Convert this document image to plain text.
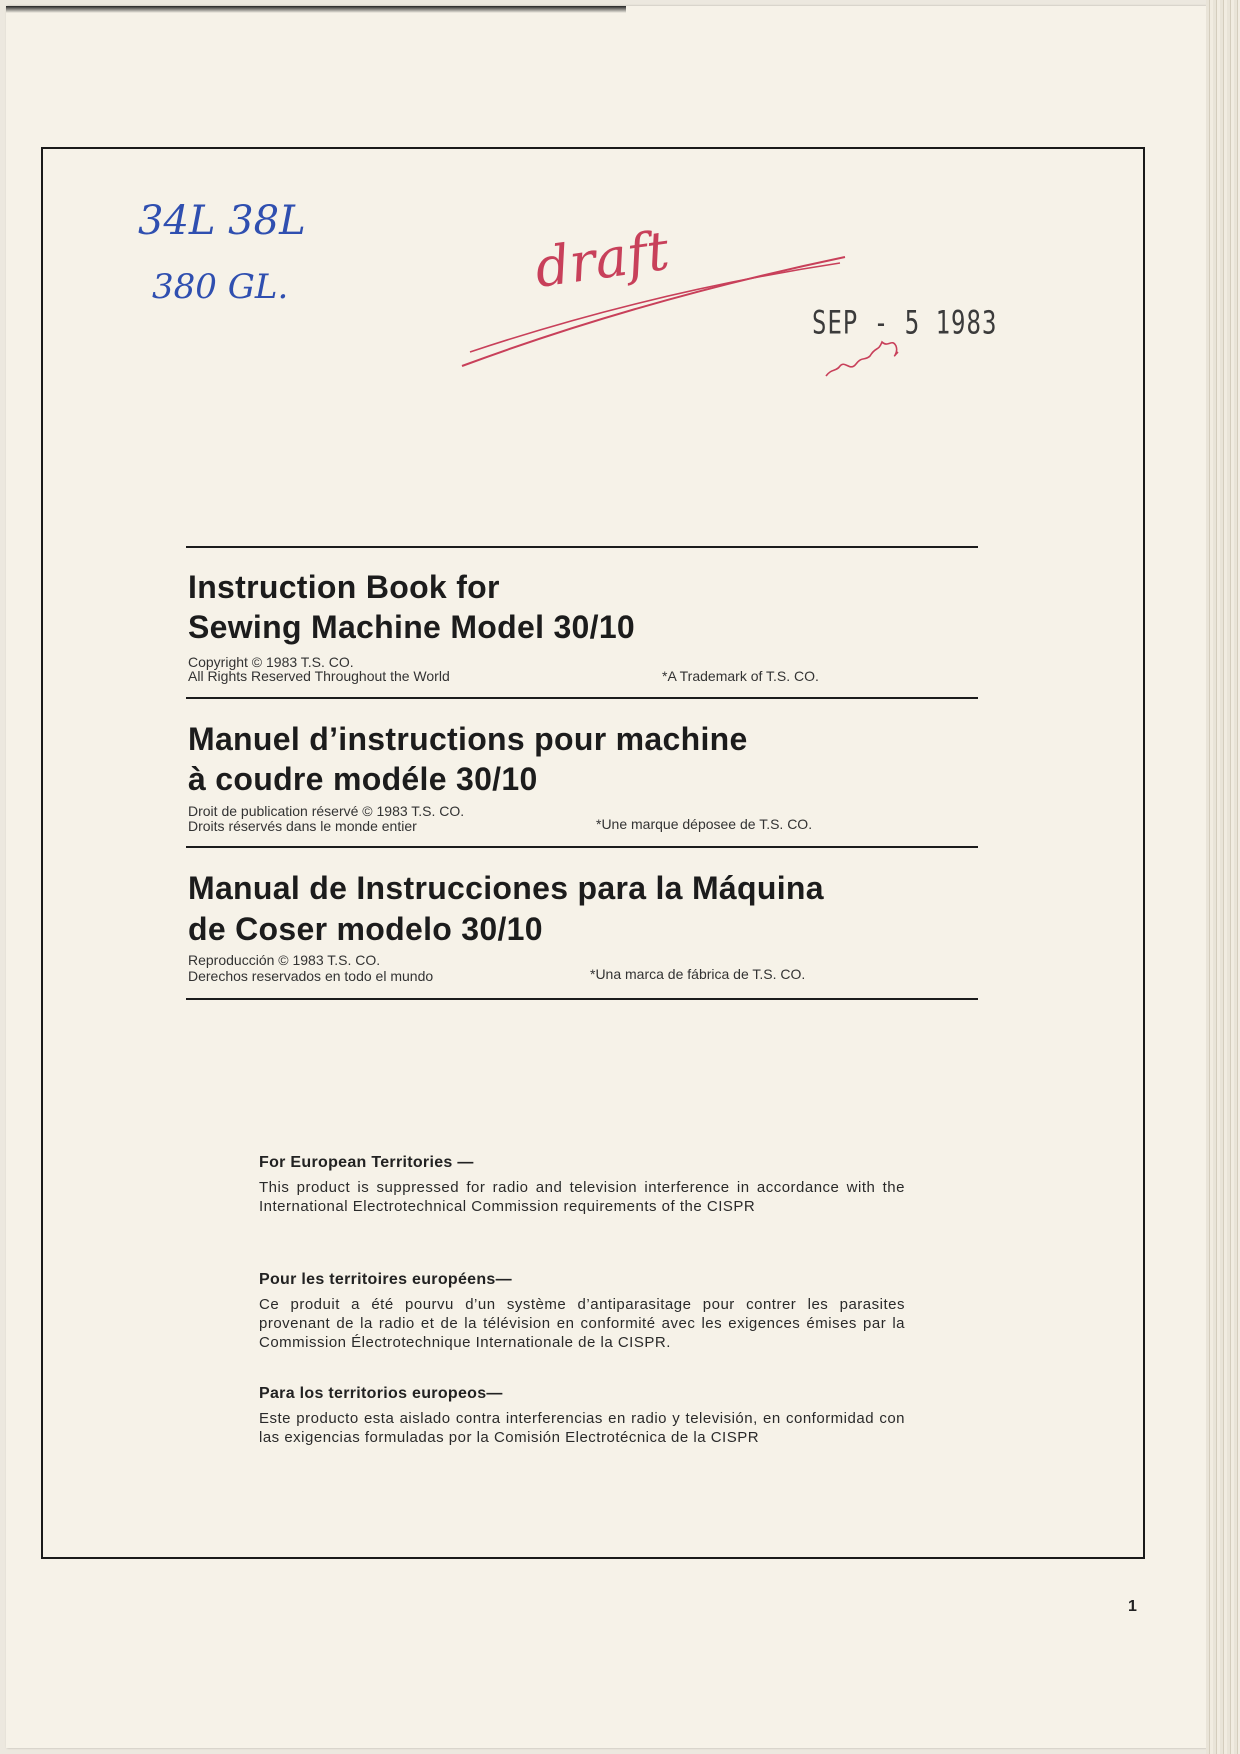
34L 38L
380 GL.	draft
SEP - 5 1983
Instruction Book for
Sewing Machine Model 30/10
Copyright © 1983 T.S. CO.
All Rights Reserved Throughout the World	*A Trademark of T.S. CO.
Manuel d’instructions pour machine
à coudre modéle 30/10
Droit de publication réservé © 1983 T.S. CO.
Droits réservés dans le monde entier	*Une marque déposee de T.S. CO.
Manual de Instrucciones para la Máquina
de Coser modelo 30/10
Reproducción © 1983 T.S. CO.
Derechos reservados en todo el mundo	*Una marca de fábrica de T.S. CO.
For European Territories —
This product is suppressed for radio and television interference in accordance with the International Electrotechnical Commission requirements of the CISPR
Pour les territoires européens—
Ce produit a été pourvu d’un système d’antiparasitage pour contrer les parasites provenant de la radio et de la télévision en conformité avec les exigences émises par la Commission Électrotechnique Internationale de la CISPR.
Para los territorios europeos—
Este producto esta aislado contra interferencias en radio y televisión, en conformidad con las exigencias formuladas por la Comisión Electrotécnica de la CISPR
1
